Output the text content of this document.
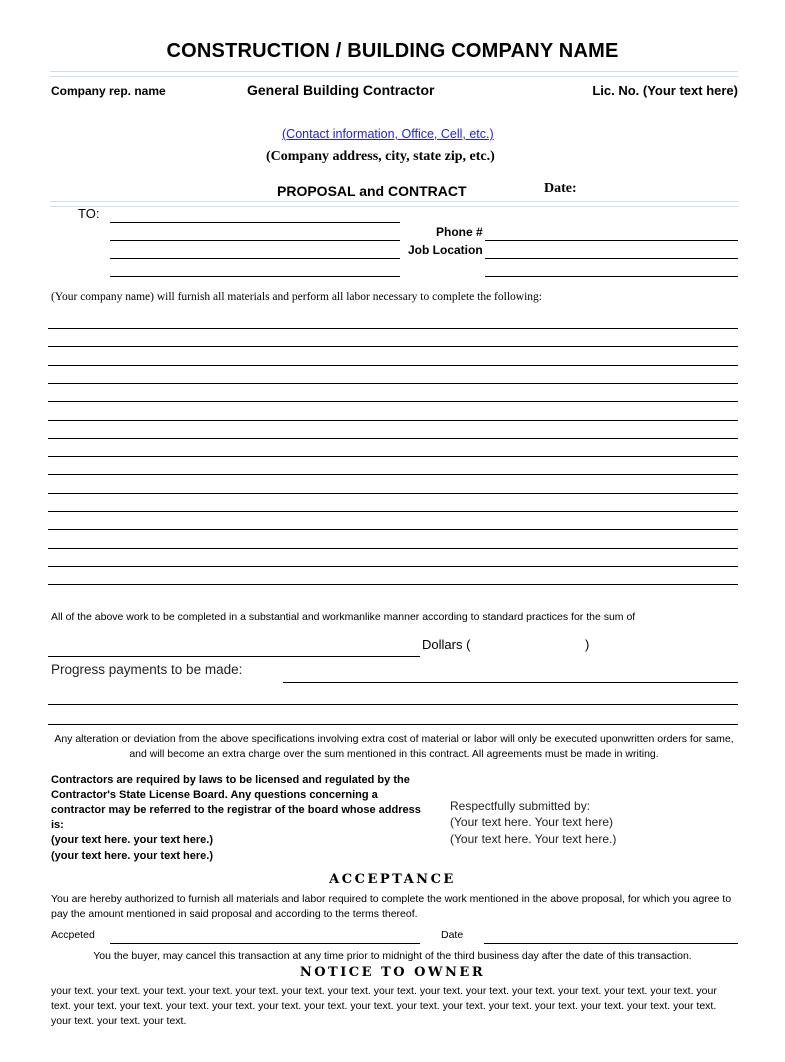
CONSTRUCTION / BUILDING COMPANY NAME
Company rep. name	General Building Contractor	Lic. No. (Your text here)
(Contact information, Office, Cell, etc.)
(Company address, city, state zip, etc.)
PROPOSAL and CONTRACT	Date:
TO:
Phone #
Job Location
(Your company name) will furnish all materials and perform all labor necessary to complete the following:
All of the above work to be completed in a substantial and workmanlike manner according to standard practices for the sum of
Dollars (	)
Progress payments to be made:
Any alteration or deviation from the above specifications involving extra cost of material or labor will only be executed uponwritten orders for same, and will become an extra charge over the sum mentioned in this contract. All agreements must be made in writing.
Contractors are required by laws to be licensed and regulated by the Contractor's State License Board. Any questions concerning a contractor may be referred to the registrar of the board whose address is:
(your text here. your text here.)
(your text here. your text here.)
Respectfully submitted by:
(Your text here. Your text here)
(Your text here. Your text here.)
ACCEPTANCE
You are hereby authorized to furnish all materials and labor required to complete the work mentioned in the above proposal, for which you agree to pay the amount mentioned in said proposal and according to the terms thereof.
Accpeted	Date
You the buyer, may cancel this transaction at any time prior to midnight of the third business day after the date of this transaction.
NOTICE TO OWNER
your text. your text. your text. your text. your text. your text. your text. your text. your text. your text. your text. your text. your text. your text. your text. your text. your text. your text. your text. your text. your text. your text. your text. your text. your text. your text. your text. your text. your text. your text. your text. your text.
